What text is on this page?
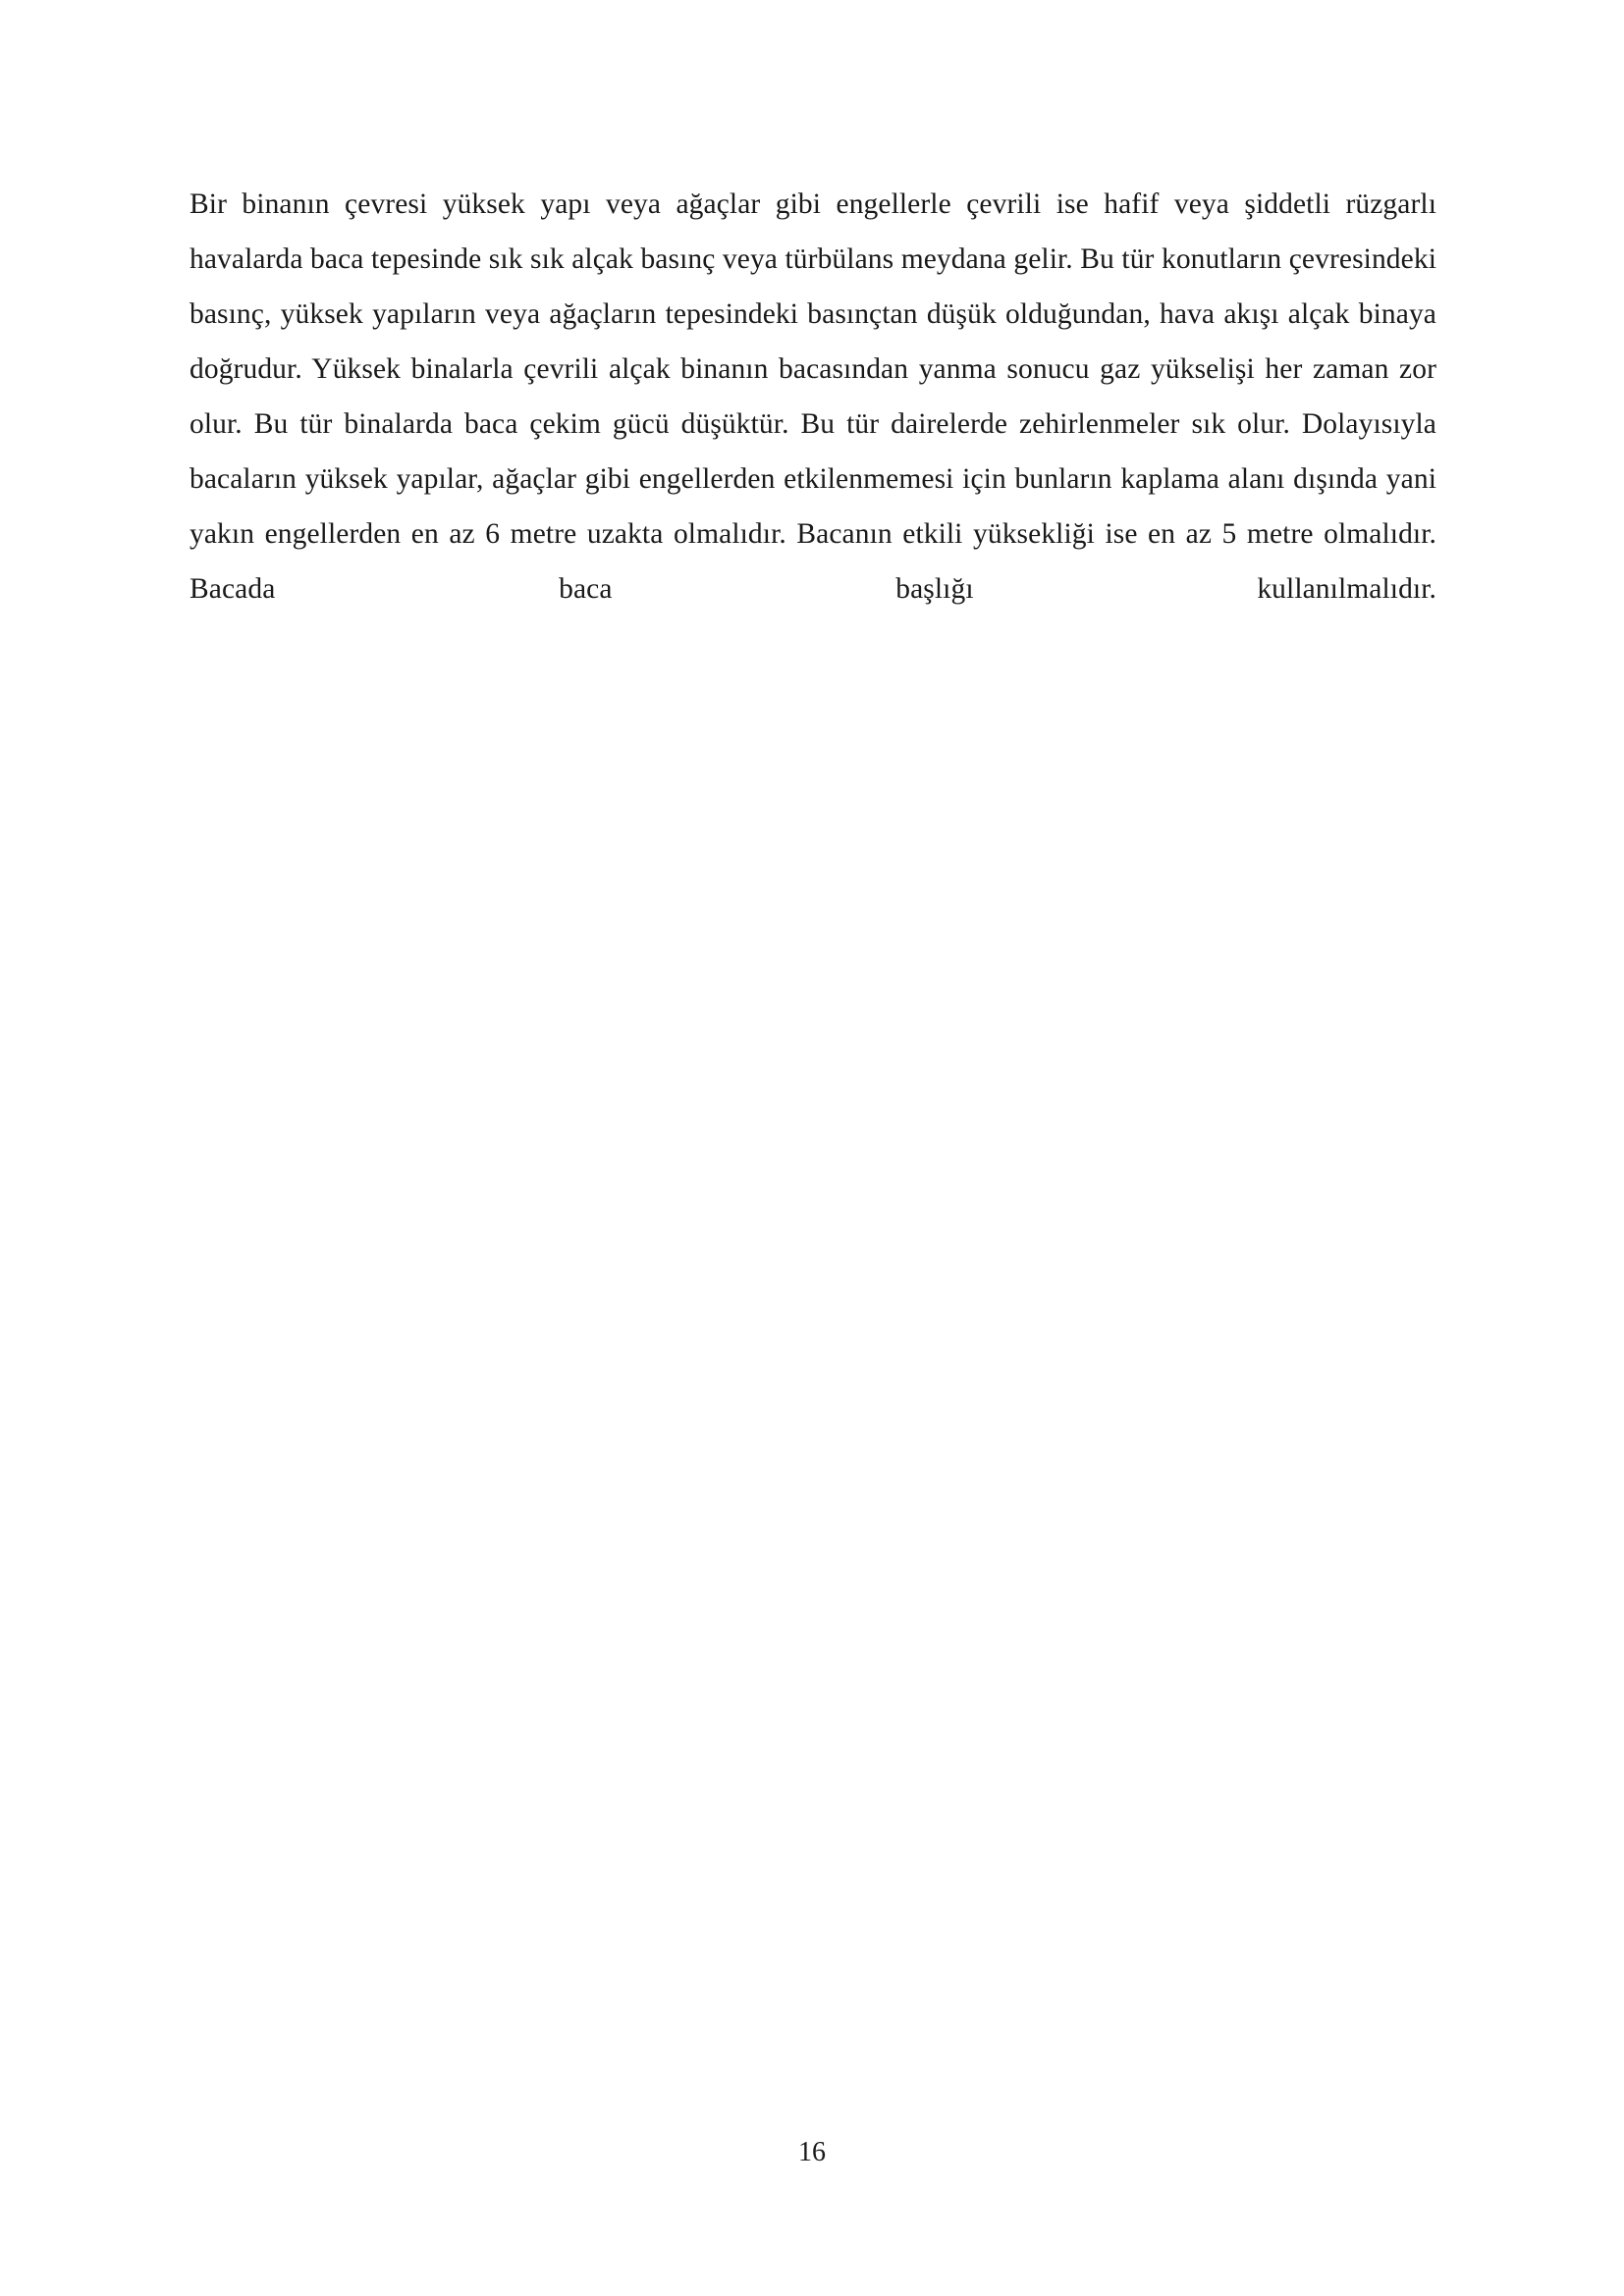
Bir binanın çevresi yüksek yapı veya ağaçlar gibi engellerle çevrili ise hafif veya şiddetli rüzgarlı havalarda baca tepesinde sık sık alçak basınç veya türbülans meydana gelir. Bu tür konutların çevresindeki basınç, yüksek yapıların veya ağaçların tepesindeki basınçtan düşük olduğundan, hava akışı alçak binaya doğrudur. Yüksek binalarla çevrili alçak binanın bacasından yanma sonucu gaz yükselişi her zaman zor olur. Bu tür binalarda baca çekim gücü düşüktür. Bu tür dairelerde zehirlenmeler sık olur. Dolayısıyla bacaların yüksek yapılar, ağaçlar gibi engellerden etkilenmemesi için bunların kaplama alanı dışında yani yakın engellerden en az 6 metre uzakta olmalıdır. Bacanın etkili yüksekliği ise en az 5 metre olmalıdır. Bacada baca başlığı kullanılmalıdır.

16
